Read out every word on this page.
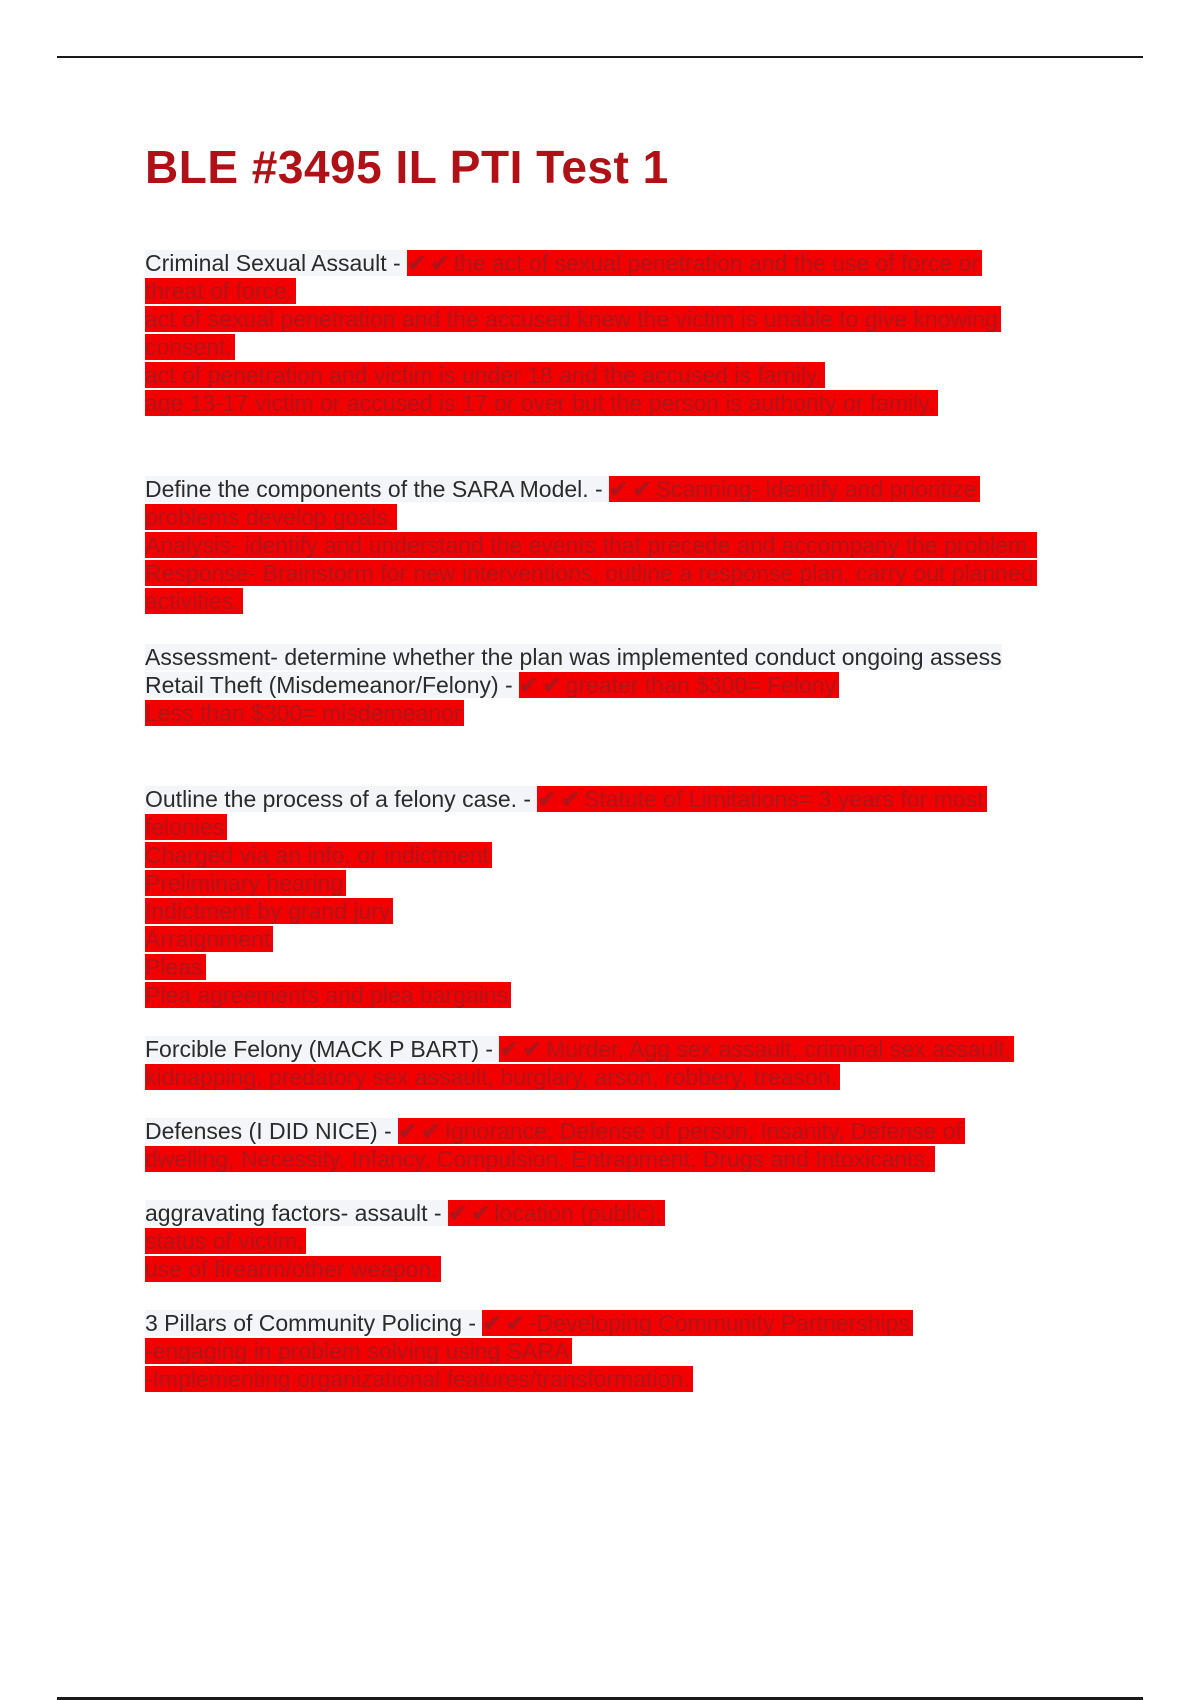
BLE #3495 IL PTI Test 1
Criminal Sexual Assault - ✔✔the act of sexual penetration and the use of force or
threat of force.
act of sexual penetration and the accused knew the victim is unable to give knowing
consent.
act of penetration and victim is under 18 and the accused is family.
age 13-17 victim or accused is 17 or over but the person is authority or family.
Define the components of the SARA Model. - ✔✔Scanning- identify and prioritize
problems develop goals.
Analysis- identify and understand the events that precede and accompany the problem.
Response- Brainstorm for new interventions, outline a response plan, carry out planned
activities.
Assessment- determine whether the plan was implemented conduct ongoing assess
Retail Theft (Misdemeanor/Felony) - ✔✔greater than $300= Felony
Less than $300= misdemeanor
Outline the process of a felony case. - ✔✔Statute of Limitations= 3 years for most
felonies
Charged via an info. or indictment
Preliminary hearing
Indictment by grand jury
Arraignment
Pleas
Plea agreements and plea bargains
Forcible Felony (MACK P BART) - ✔✔Murder, Agg sex assault, criminal sex assault,
kidnapping, predatory sex assault, burglary, arson, robbery, treason.
Defenses (I DID NICE) - ✔✔Ignorance, Defense of person, Insanity, Defense of
dwelling, Necessity, Infancy, Compulsion, Entrapment, Drugs and Intoxicants.
aggravating factors- assault - ✔✔location (public),
status of victim,
use of firearm/other weapon.
3 Pillars of Community Policing - ✔✔-Developing Community Partnerships
-engaging in problem solving using SARA
-Implementing organizational features/transformation.
